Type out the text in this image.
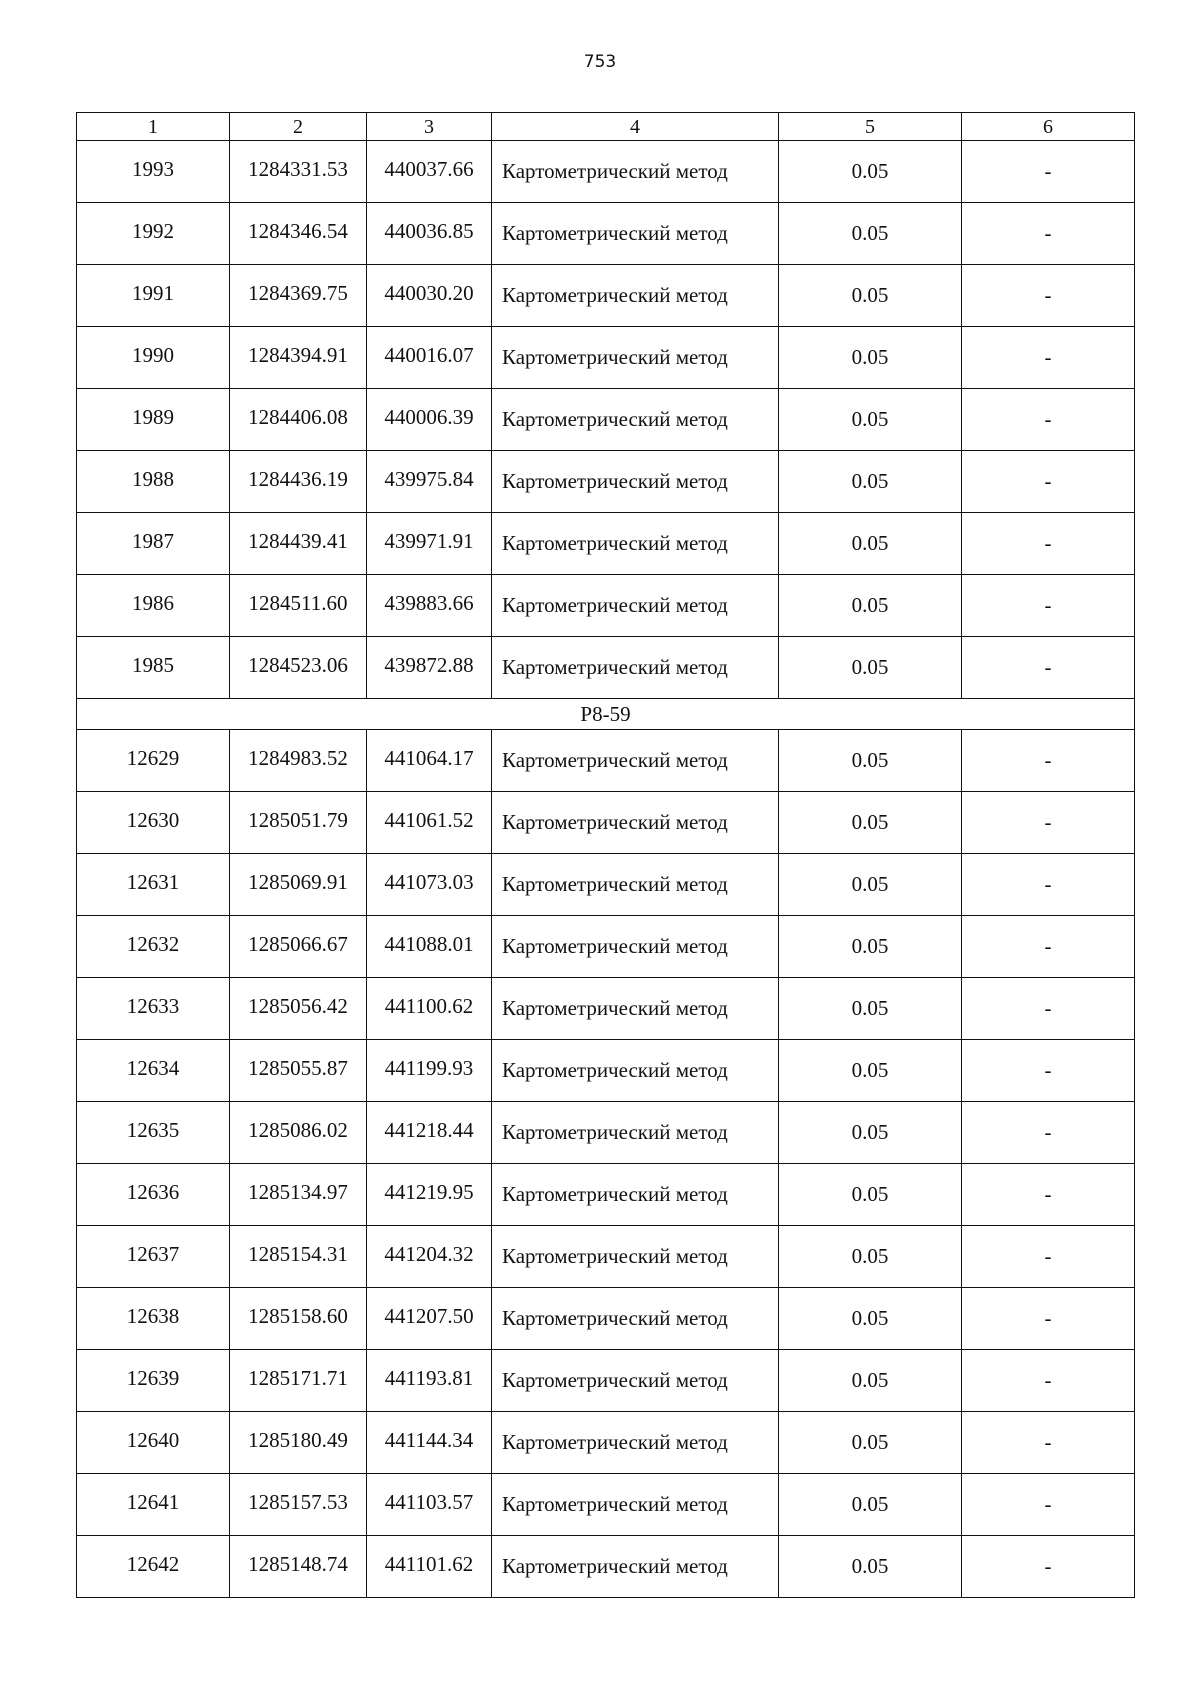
753
1	2	3	4	5	6
1993	1284331.53	440037.66	Картометрический метод	0.05	-
1992	1284346.54	440036.85	Картометрический метод	0.05	-
1991	1284369.75	440030.20	Картометрический метод	0.05	-
1990	1284394.91	440016.07	Картометрический метод	0.05	-
1989	1284406.08	440006.39	Картометрический метод	0.05	-
1988	1284436.19	439975.84	Картометрический метод	0.05	-
1987	1284439.41	439971.91	Картометрический метод	0.05	-
1986	1284511.60	439883.66	Картометрический метод	0.05	-
1985	1284523.06	439872.88	Картометрический метод	0.05	-
Р8-59					
12629	1284983.52	441064.17	Картометрический метод	0.05	-
12630	1285051.79	441061.52	Картометрический метод	0.05	-
12631	1285069.91	441073.03	Картометрический метод	0.05	-
12632	1285066.67	441088.01	Картометрический метод	0.05	-
12633	1285056.42	441100.62	Картометрический метод	0.05	-
12634	1285055.87	441199.93	Картометрический метод	0.05	-
12635	1285086.02	441218.44	Картометрический метод	0.05	-
12636	1285134.97	441219.95	Картометрический метод	0.05	-
12637	1285154.31	441204.32	Картометрический метод	0.05	-
12638	1285158.60	441207.50	Картометрический метод	0.05	-
12639	1285171.71	441193.81	Картометрический метод	0.05	-
12640	1285180.49	441144.34	Картометрический метод	0.05	-
12641	1285157.53	441103.57	Картометрический метод	0.05	-
12642	1285148.74	441101.62	Картометрический метод	0.05	-
